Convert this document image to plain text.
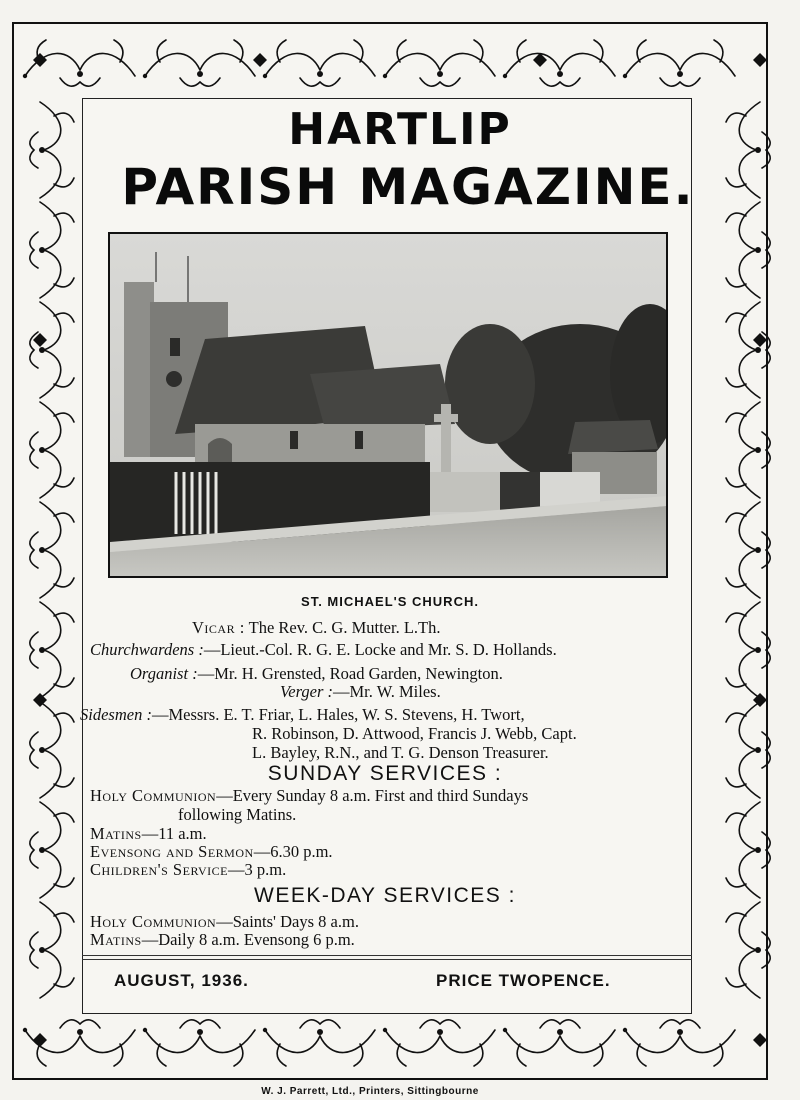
HARTLIP
PARISH MAGAZINE.
ST. MICHAEL'S CHURCH.
Vicar : The Rev. C. G. Mutter. L.Th.
Churchwardens :—Lieut.-Col. R. G. E. Locke and Mr. S. D. Hollands.
Organist :—Mr. H. Grensted, Road Garden, Newington.
Verger :—Mr. W. Miles.
Sidesmen :—Messrs. E. T. Friar, L. Hales, W. S. Stevens, H. Twort,
R. Robinson, D. Attwood, Francis J. Webb, Capt.
L. Bayley, R.N., and T. G. Denson Treasurer.
SUNDAY SERVICES :
Holy Communion—Every Sunday 8 a.m. First and third Sundays
following Matins.
Matins—11 a.m.
Evensong and Sermon—6.30 p.m.
Children's Service—3 p.m.
WEEK-DAY SERVICES :
Holy Communion—Saints' Days 8 a.m.
Matins—Daily 8 a.m. Evensong 6 p.m.
AUGUST, 1936.	PRICE TWOPENCE.
W. J. Parrett, Ltd., Printers, Sittingbourne
